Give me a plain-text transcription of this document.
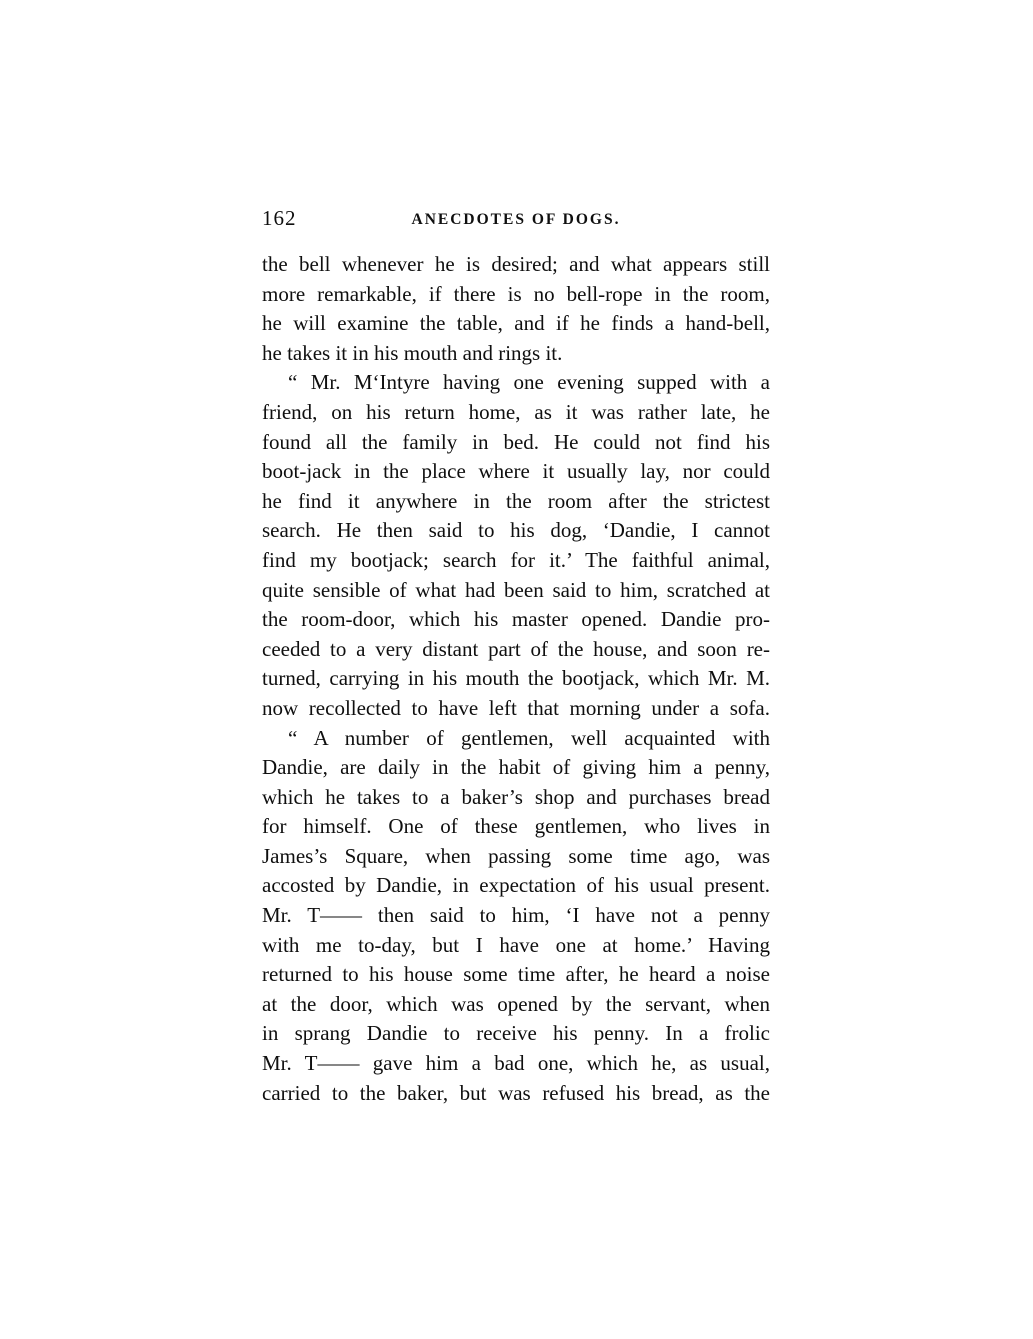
162	ANECDOTES OF DOGS.
the bell whenever he is desired; and what appears still
more remarkable, if there is no bell-rope in the room,
he will examine the table, and if he finds a hand-bell,
he takes it in his mouth and rings it.
“ Mr. M‘Intyre having one evening supped with a
friend, on his return home, as it was rather late, he
found all the family in bed. He could not find his
boot-jack in the place where it usually lay, nor could
he find it anywhere in the room after the strictest
search. He then said to his dog, ‘Dandie, I cannot
find my bootjack; search for it.’ The faithful animal,
quite sensible of what had been said to him, scratched at
the room-door, which his master opened. Dandie pro-
ceeded to a very distant part of the house, and soon re-
turned, carrying in his mouth the bootjack, which Mr. M.
now recollected to have left that morning under a sofa.
“ A number of gentlemen, well acquainted with
Dandie, are daily in the habit of giving him a penny,
which he takes to a baker’s shop and purchases bread
for himself. One of these gentlemen, who lives in
James’s Square, when passing some time ago, was
accosted by Dandie, in expectation of his usual present.
Mr. T—— then said to him, ‘I have not a penny
with me to-day, but I have one at home.’ Having
returned to his house some time after, he heard a noise
at the door, which was opened by the servant, when
in sprang Dandie to receive his penny. In a frolic
Mr. T—— gave him a bad one, which he, as usual,
carried to the baker, but was refused his bread, as the
